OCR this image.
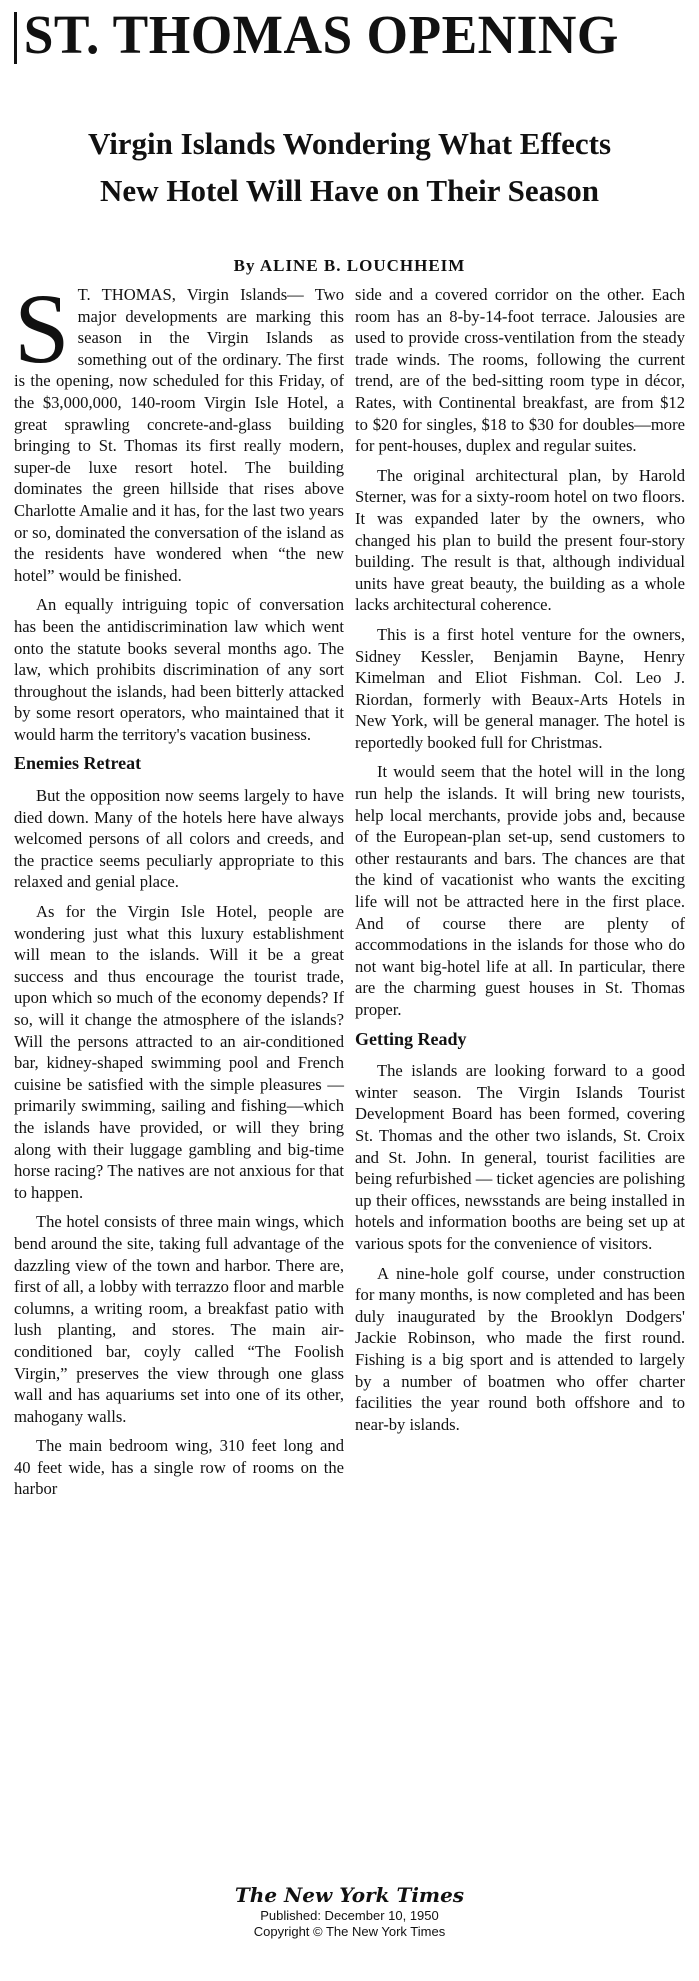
ST. THOMAS OPENING
Virgin Islands Wondering What Effects
New Hotel Will Have on Their Season
By ALINE B. LOUCHHEIM

S T. THOMAS, Virgin Islands— Two major developments are marking this season in the Virgin Islands as something out of the ordinary. The first is the opening, now scheduled for this Friday, of the $3,000,000, 140-room Virgin Isle Hotel, a great sprawling concrete-and-glass building bringing to St. Thomas its first really modern, super-de luxe resort hotel. The building dominates the green hillside that rises above Charlotte Amalie and it has, for the last two years or so, dominated the conversation of the island as the residents have wondered when “the new hotel” would be finished.

An equally intriguing topic of conversation has been the antidiscrimination law which went onto the statute books several months ago. The law, which prohibits discrimination of any sort throughout the islands, had been bitterly attacked by some resort operators, who maintained that it would harm the territory's vacation business.

Enemies Retreat

But the opposition now seems largely to have died down. Many of the hotels here have always welcomed persons of all colors and creeds, and the practice seems peculiarly appropriate to this relaxed and genial place.

As for the Virgin Isle Hotel, people are wondering just what this luxury establishment will mean to the islands. Will it be a great success and thus encourage the tourist trade, upon which so much of the economy depends? If so, will it change the atmosphere of the islands? Will the persons attracted to an air-conditioned bar, kidney-shaped swimming pool and French cuisine be satisfied with the simple pleasures — primarily swimming, sailing and fishing—which the islands have provided, or will they bring along with their luggage gambling and big-time horse racing? The natives are not anxious for that to happen.

The hotel consists of three main wings, which bend around the site, taking full advantage of the dazzling view of the town and harbor. There are, first of all, a lobby with terrazzo floor and marble columns, a writing room, a breakfast patio with lush planting, and stores. The main air-conditioned bar, coyly called “The Foolish Virgin,” preserves the view through one glass wall and has aquariums set into one of its other, mahogany walls.

The main bedroom wing, 310 feet long and 40 feet wide, has a single row of rooms on the harbor

side and a covered corridor on the other. Each room has an 8-by-14-foot terrace. Jalousies are used to provide cross-ventilation from the steady trade winds. The rooms, following the current trend, are of the bed-sitting room type in décor, Rates, with Continental breakfast, are from $12 to $20 for singles, $18 to $30 for doubles—more for pent-houses, duplex and regular suites.

The original architectural plan, by Harold Sterner, was for a sixty-room hotel on two floors. It was expanded later by the owners, who changed his plan to build the present four-story building. The result is that, although individual units have great beauty, the building as a whole lacks architectural coherence.

This is a first hotel venture for the owners, Sidney Kessler, Benjamin Bayne, Henry Kimelman and Eliot Fishman. Col. Leo J. Riordan, formerly with Beaux-Arts Hotels in New York, will be general manager. The hotel is reportedly booked full for Christmas.

It would seem that the hotel will in the long run help the islands. It will bring new tourists, help local merchants, provide jobs and, because of the European-plan set-up, send customers to other restaurants and bars. The chances are that the kind of vacationist who wants the exciting life will not be attracted here in the first place. And of course there are plenty of accommodations in the islands for those who do not want big-hotel life at all. In particular, there are the charming guest houses in St. Thomas proper.

Getting Ready

The islands are looking forward to a good winter season. The Virgin Islands Tourist Development Board has been formed, covering St. Thomas and the other two islands, St. Croix and St. John. In general, tourist facilities are being refurbished — ticket agencies are polishing up their offices, newsstands are being installed in hotels and information booths are being set up at various spots for the convenience of visitors.

A nine-hole golf course, under construction for many months, is now completed and has been duly inaugurated by the Brooklyn Dodgers' Jackie Robinson, who made the first round. Fishing is a big sport and is attended to largely by a number of boatmen who offer charter facilities the year round both offshore and to near-by islands.

The New York Times
Published: December 10, 1950
Copyright © The New York Times
